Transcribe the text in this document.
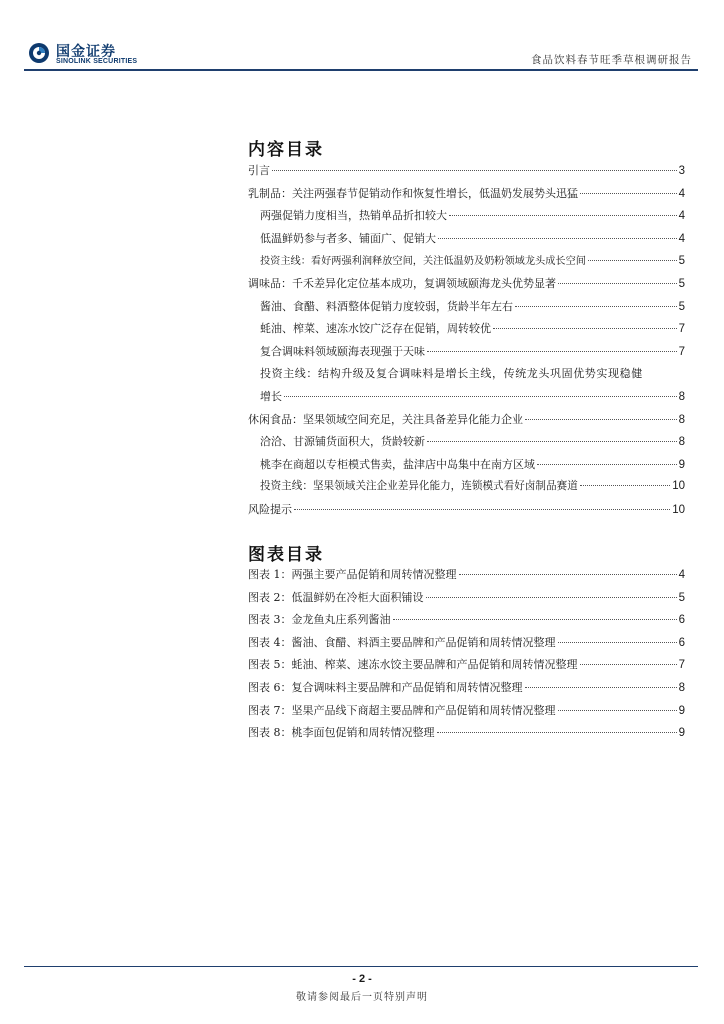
国金证券
SINOLINK SECURITIES	食品饮料春节旺季草根调研报告
内容目录
引言	3
乳制品：关注两强春节促销动作和恢复性增长，低温奶发展势头迅猛	4
两强促销力度相当，热销单品折扣较大	4
低温鲜奶参与者多、铺面广、促销大	4
投资主线：看好两强利润释放空间，关注低温奶及奶粉领域龙头成长空间	5
调味品：千禾差异化定位基本成功，复调领域颐海龙头优势显著	5
酱油、食醋、料酒整体促销力度较弱，货龄半年左右	5
蚝油、榨菜、速冻水饺广泛存在促销，周转较优	7
复合调味料领域颐海表现强于天味	7
投资主线：结构升级及复合调味料是增长主线，传统龙头巩固优势实现稳健
增长	8
休闲食品：坚果领域空间充足，关注具备差异化能力企业	8
洽洽、甘源铺货面积大，货龄较新	8
桃李在商超以专柜模式售卖，盐津店中岛集中在南方区域	9
投资主线：坚果领域关注企业差异化能力，连锁模式看好卤制品赛道	10
风险提示	10
图表目录
图表 1：两强主要产品促销和周转情况整理	4
图表 2：低温鲜奶在冷柜大面积铺设	5
图表 3：金龙鱼丸庄系列酱油	6
图表 4：酱油、食醋、料酒主要品牌和产品促销和周转情况整理	6
图表 5：蚝油、榨菜、速冻水饺主要品牌和产品促销和周转情况整理	7
图表 6：复合调味料主要品牌和产品促销和周转情况整理	8
图表 7：坚果产品线下商超主要品牌和产品促销和周转情况整理	9
图表 8：桃李面包促销和周转情况整理	9
- 2 -
敬请参阅最后一页特别声明
